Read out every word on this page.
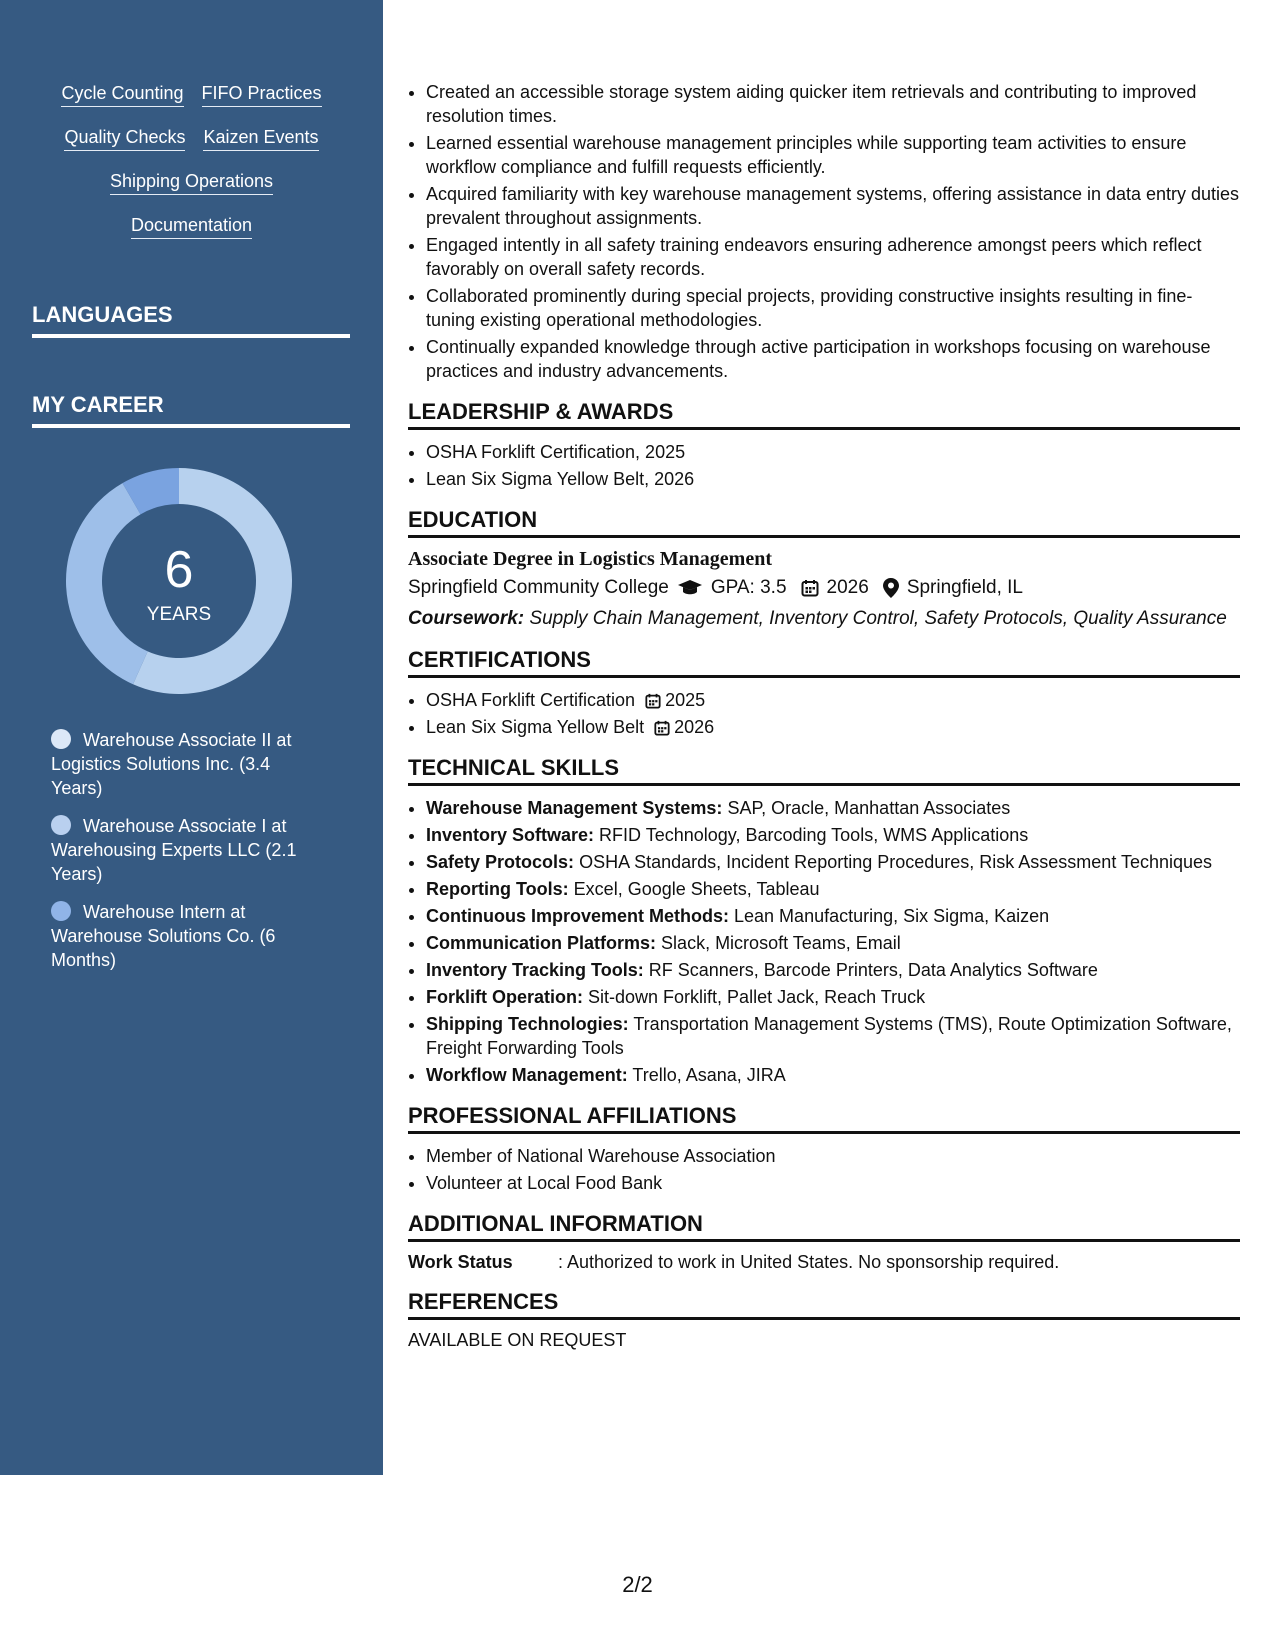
Cycle Counting FIFO Practices
Quality Checks Kaizen Events
Shipping Operations
Documentation
LANGUAGES
MY CAREER
6
YEARS
Warehouse Associate II at Logistics Solutions Inc. (3.4 Years)
Warehouse Associate I at Warehousing Experts LLC (2.1 Years)
Warehouse Intern at Warehouse Solutions Co. (6 Months)
• Created an accessible storage system aiding quicker item retrievals and contributing to improved resolution times.
• Learned essential warehouse management principles while supporting team activities to ensure workflow compliance and fulfill requests efficiently.
• Acquired familiarity with key warehouse management systems, offering assistance in data entry duties prevalent throughout assignments.
• Engaged intently in all safety training endeavors ensuring adherence amongst peers which reflect favorably on overall safety records.
• Collaborated prominently during special projects, providing constructive insights resulting in fine-tuning existing operational methodologies.
• Continually expanded knowledge through active participation in workshops focusing on warehouse practices and industry advancements.
LEADERSHIP & AWARDS
• OSHA Forklift Certification, 2025
• Lean Six Sigma Yellow Belt, 2026
EDUCATION
Associate Degree in Logistics Management
Springfield Community College GPA: 3.5 2026 Springfield, IL
Coursework: Supply Chain Management, Inventory Control, Safety Protocols, Quality Assurance
CERTIFICATIONS
• OSHA Forklift Certification 2025
• Lean Six Sigma Yellow Belt 2026
TECHNICAL SKILLS
• Warehouse Management Systems: SAP, Oracle, Manhattan Associates
• Inventory Software: RFID Technology, Barcoding Tools, WMS Applications
• Safety Protocols: OSHA Standards, Incident Reporting Procedures, Risk Assessment Techniques
• Reporting Tools: Excel, Google Sheets, Tableau
• Continuous Improvement Methods: Lean Manufacturing, Six Sigma, Kaizen
• Communication Platforms: Slack, Microsoft Teams, Email
• Inventory Tracking Tools: RF Scanners, Barcode Printers, Data Analytics Software
• Forklift Operation: Sit-down Forklift, Pallet Jack, Reach Truck
• Shipping Technologies: Transportation Management Systems (TMS), Route Optimization Software, Freight Forwarding Tools
• Workflow Management: Trello, Asana, JIRA
PROFESSIONAL AFFILIATIONS
• Member of National Warehouse Association
• Volunteer at Local Food Bank
ADDITIONAL INFORMATION
Work Status	: Authorized to work in United States. No sponsorship required.
REFERENCES
AVAILABLE ON REQUEST
2/2
